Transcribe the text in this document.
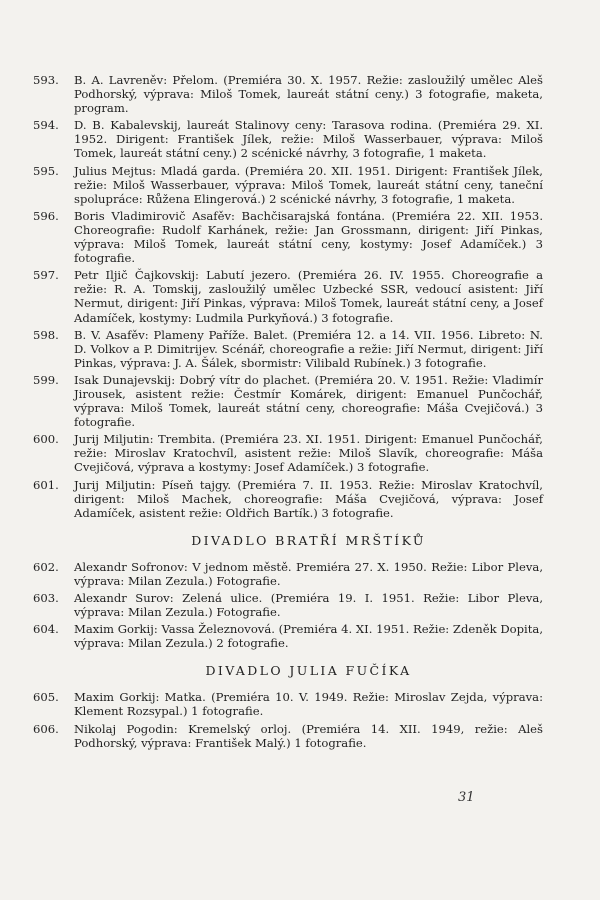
593.	B. A. Lavreněv: Přelom. (Premiéra 30. X. 1957. Režie: zasloužilý umělec Aleš Podhorský, výprava: Miloš Tomek, laureát státní ceny.) 3 fotografie, maketa, program.
594.	D. B. Kabalevskij, laureát Stalinovy ceny: Tarasova rodina. (Premiéra 29. XI. 1952. Dirigent: František Jílek, režie: Miloš Wasserbauer, výprava: Miloš Tomek, laureát státní ceny.) 2 scénické návrhy, 3 fotografie, 1 maketa.
595.	Julius Mejtus: Mladá garda. (Premiéra 20. XII. 1951. Dirigent: František Jílek, režie: Miloš Wasserbauer, výprava: Miloš Tomek, laureát státní ceny, taneční spolupráce: Růžena Elingerová.) 2 scénické návrhy, 3 fotografie, 1 maketa.
596.	Boris Vladimirovič Asafěv: Bachčisarajská fontána. (Premiéra 22. XII. 1953. Choreografie: Rudolf Karhánek, režie: Jan Grossmann, dirigent: Jiří Pinkas, výprava: Miloš Tomek, laureát státní ceny, kostymy: Josef Adamíček.) 3 fotografie.
597.	Petr Iljič Čajkovskij: Labutí jezero. (Premiéra 26. IV. 1955. Choreografie a režie: R. A. Tomskij, zasloužilý umělec Uzbecké SSR, vedoucí asistent: Jiří Nermut, dirigent: Jiří Pinkas, výprava: Miloš Tomek, laureát státní ceny, a Josef Adamíček, kostymy: Ludmila Purkyňová.) 3 fotografie.
598.	B. V. Asafěv: Plameny Paříže. Balet. (Premiéra 12. a 14. VII. 1956. Libreto: N. D. Volkov a P. Dimitrijev. Scénář, choreografie a režie: Jiří Nermut, dirigent: Jiří Pinkas, výprava: J. A. Šálek, sbormistr: Vilibald Rubínek.) 3 fotografie.
599.	Isak Dunajevskij: Dobrý vítr do plachet. (Premiéra 20. V. 1951. Režie: Vladimír Jirousek, asistent režie: Čestmír Komárek, dirigent: Emanuel Punčochář, výprava: Miloš Tomek, laureát státní ceny, choreografie: Máša Cvejičová.) 3 fotografie.
600.	Jurij Miljutin: Trembita. (Premiéra 23. XI. 1951. Dirigent: Emanuel Punčochář, režie: Miroslav Kratochvíl, asistent režie: Miloš Slavík, choreografie: Máša Cvejičová, výprava a kostymy: Josef Adamíček.) 3 fotografie.
601.	Jurij Miljutin: Píseň tajgy. (Premiéra 7. II. 1953. Režie: Miroslav Kratochvíl, dirigent: Miloš Machek, choreografie: Máša Cvejičová, výprava: Josef Adamíček, asistent režie: Oldřich Bartík.) 3 fotografie.
DIVADLO BRATŘÍ MRŠTÍKŮ
602.	Alexandr Sofronov: V jednom městě. Premiéra 27. X. 1950. Režie: Libor Pleva, výprava: Milan Zezula.) Fotografie.
603.	Alexandr Surov: Zelená ulice. (Premiéra 19. I. 1951. Režie: Libor Pleva, výprava: Milan Zezula.) Fotografie.
604.	Maxim Gorkij: Vassa Železnovová. (Premiéra 4. XI. 1951. Režie: Zdeněk Dopita, výprava: Milan Zezula.) 2 fotografie.
DIVADLO JULIA FUČÍKA
605.	Maxim Gorkij: Matka. (Premiéra 10. V. 1949. Režie: Miroslav Zejda, výprava: Klement Rozsypal.) 1 fotografie.
606.	Nikolaj Pogodin: Kremelský orloj. (Premiéra 14. XII. 1949, režie: Aleš Podhorský, výprava: František Malý.) 1 fotografie.
31
